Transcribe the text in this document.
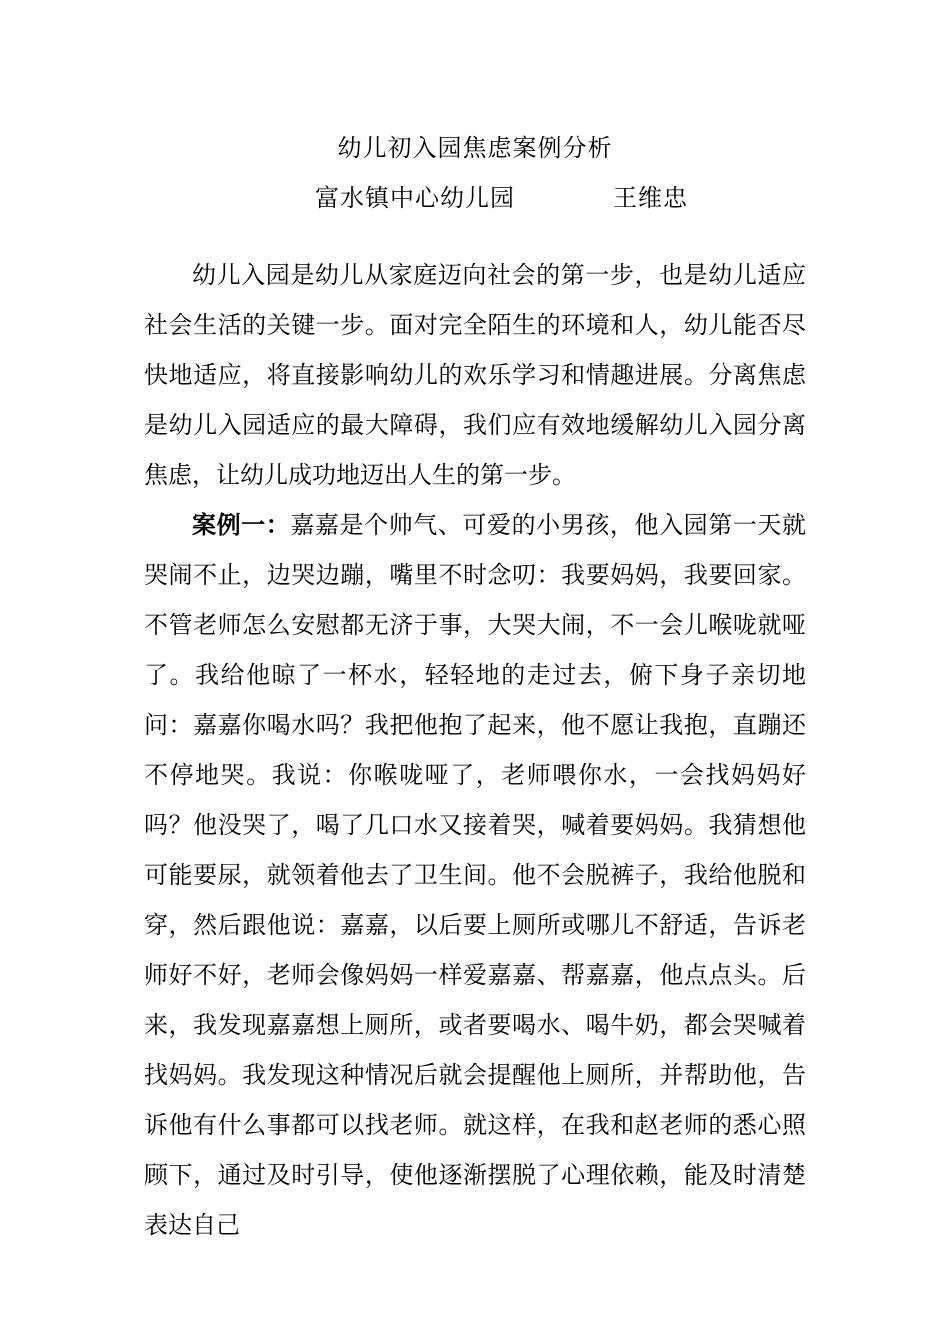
幼儿初入园焦虑案例分析
富水镇中心幼儿园	王维忠

幼儿入园是幼儿从家庭迈向社会的第一步，也是幼儿适应社会生活的关键一步。面对完全陌生的环境和人，幼儿能否尽快地适应，将直接影响幼儿的欢乐学习和情趣进展。分离焦虑是幼儿入园适应的最大障碍，我们应有效地缓解幼儿入园分离焦虑，让幼儿成功地迈出人生的第一步。

案例一：嘉嘉是个帅气、可爱的小男孩，他入园第一天就哭闹不止，边哭边蹦，嘴里不时念叨：我要妈妈，我要回家。不管老师怎么安慰都无济于事，大哭大闹，不一会儿喉咙就哑了。我给他晾了一杯水，轻轻地的走过去，俯下身子亲切地问：嘉嘉你喝水吗？我把他抱了起来，他不愿让我抱，直蹦还不停地哭。我说：你喉咙哑了，老师喂你水，一会找妈妈好吗？他没哭了，喝了几口水又接着哭，喊着要妈妈。我猜想他可能要尿，就领着他去了卫生间。他不会脱裤子，我给他脱和穿，然后跟他说：嘉嘉，以后要上厕所或哪儿不舒适，告诉老师好不好，老师会像妈妈一样爱嘉嘉、帮嘉嘉，他点点头。后来，我发现嘉嘉想上厕所，或者要喝水、喝牛奶，都会哭喊着找妈妈。我发现这种情况后就会提醒他上厕所，并帮助他，告诉他有什么事都可以找老师。就这样，在我和赵老师的悉心照顾下，通过及时引导，使他逐渐摆脱了心理依赖，能及时清楚表达自己
